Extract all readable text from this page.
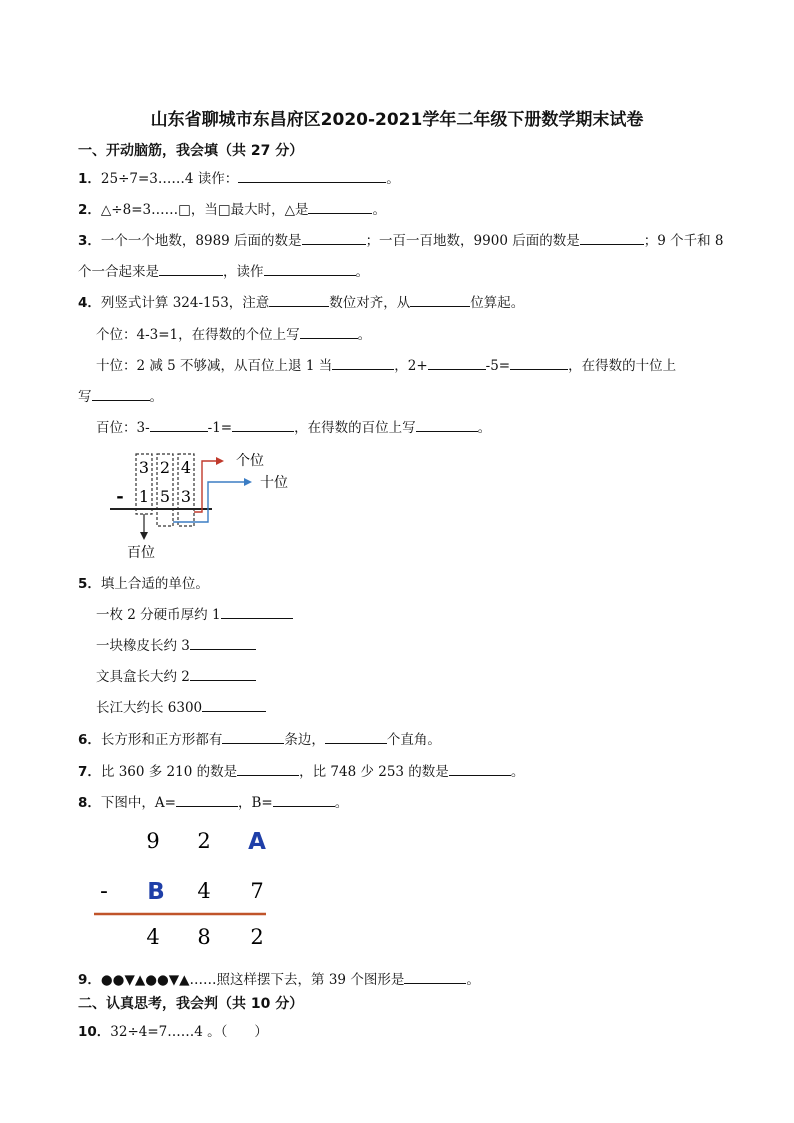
山东省聊城市东昌府区2020-2021学年二年级下册数学期末试卷
一、开动脑筋，我会填（共 27 分）
1．25÷7=3……4 读作：	。
2．△÷8=3……□，当□最大时，△是	。
3．一个一个地数，8989 后面的数是	；一百一百地数，9900 后面的数是	；9 个千和 8
个一合起来是	，读作	。
4．列竖式计算 324-153，注意	数位对齐，从	位算起。
个位：4-3=1，在得数的个位上写	。
十位：2 减 5 不够减，从百位上退 1 当	，2+	-5=	，在得数的十位上
写	。
百位：3-	-1=	，在得数的百位上写	。
3 2 4
- 1 5 3
个位
十位
百位
5．填上合适的单位。
一枚 2 分硬币厚约 1
一块橡皮长约 3
文具盒长大约 2
长江大约长 6300
6．长方形和正方形都有	条边，	个直角。
7．比 360 多 210 的数是	，比 748 少 253 的数是	。
8．下图中，A=	，B=	。
9 2 A
- B 4 7
4 8 2
9．●●▼▲●●▼▲……照这样摆下去，第 39 个图形是	。
二、认真思考，我会判（共 10 分）
10．32÷4=7……4 。（　　）
